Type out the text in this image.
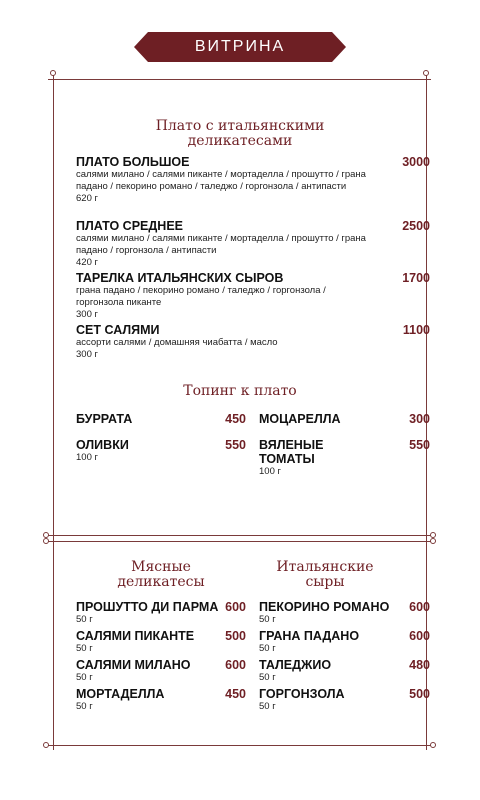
ВИТРИНА
Плато с итальянскими деликатесами
ПЛАТО БОЛЬШОЕ
салями милано / салями пиканте / мортаделла / прошутто / грана падано / пекорино романо / таледжо / горгонзола / антипасти
620 г
3000
ПЛАТО СРЕДНЕЕ
салями милано / салями пиканте / мортаделла / прошутто / грана падано / горгонзола / антипасти
420 г
2500
ТАРЕЛКА ИТАЛЬЯНСКИХ СЫРОВ
грана падано / пекорино романо / таледжо / горгонзола / горгонзола пиканте
300 г
1700
СЕТ САЛЯМИ
ассорти салями / домашняя чиабатта / масло
300 г
1100
Топинг к плато
БУРРАТА	450 МОЦАРЕЛЛА	300
ОЛИВКИ
100 г
550 ВЯЛЕНЫЕ ТОМАТЫ
100 г
550
Мясные деликатесы
ПРОШУТТО ДИ ПАРМА
50 г
600
САЛЯМИ ПИКАНТЕ
50 г
500
САЛЯМИ МИЛАНО
50 г
600
МОРТАДЕЛЛА
50 г
450
Итальянские сыры
ПЕКОРИНО РОМАНО
50 г
600
ГРАНА ПАДАНО
50 г
600
ТАЛЕДЖИО
50 г
480
ГОРГОНЗОЛА
50 г
500
